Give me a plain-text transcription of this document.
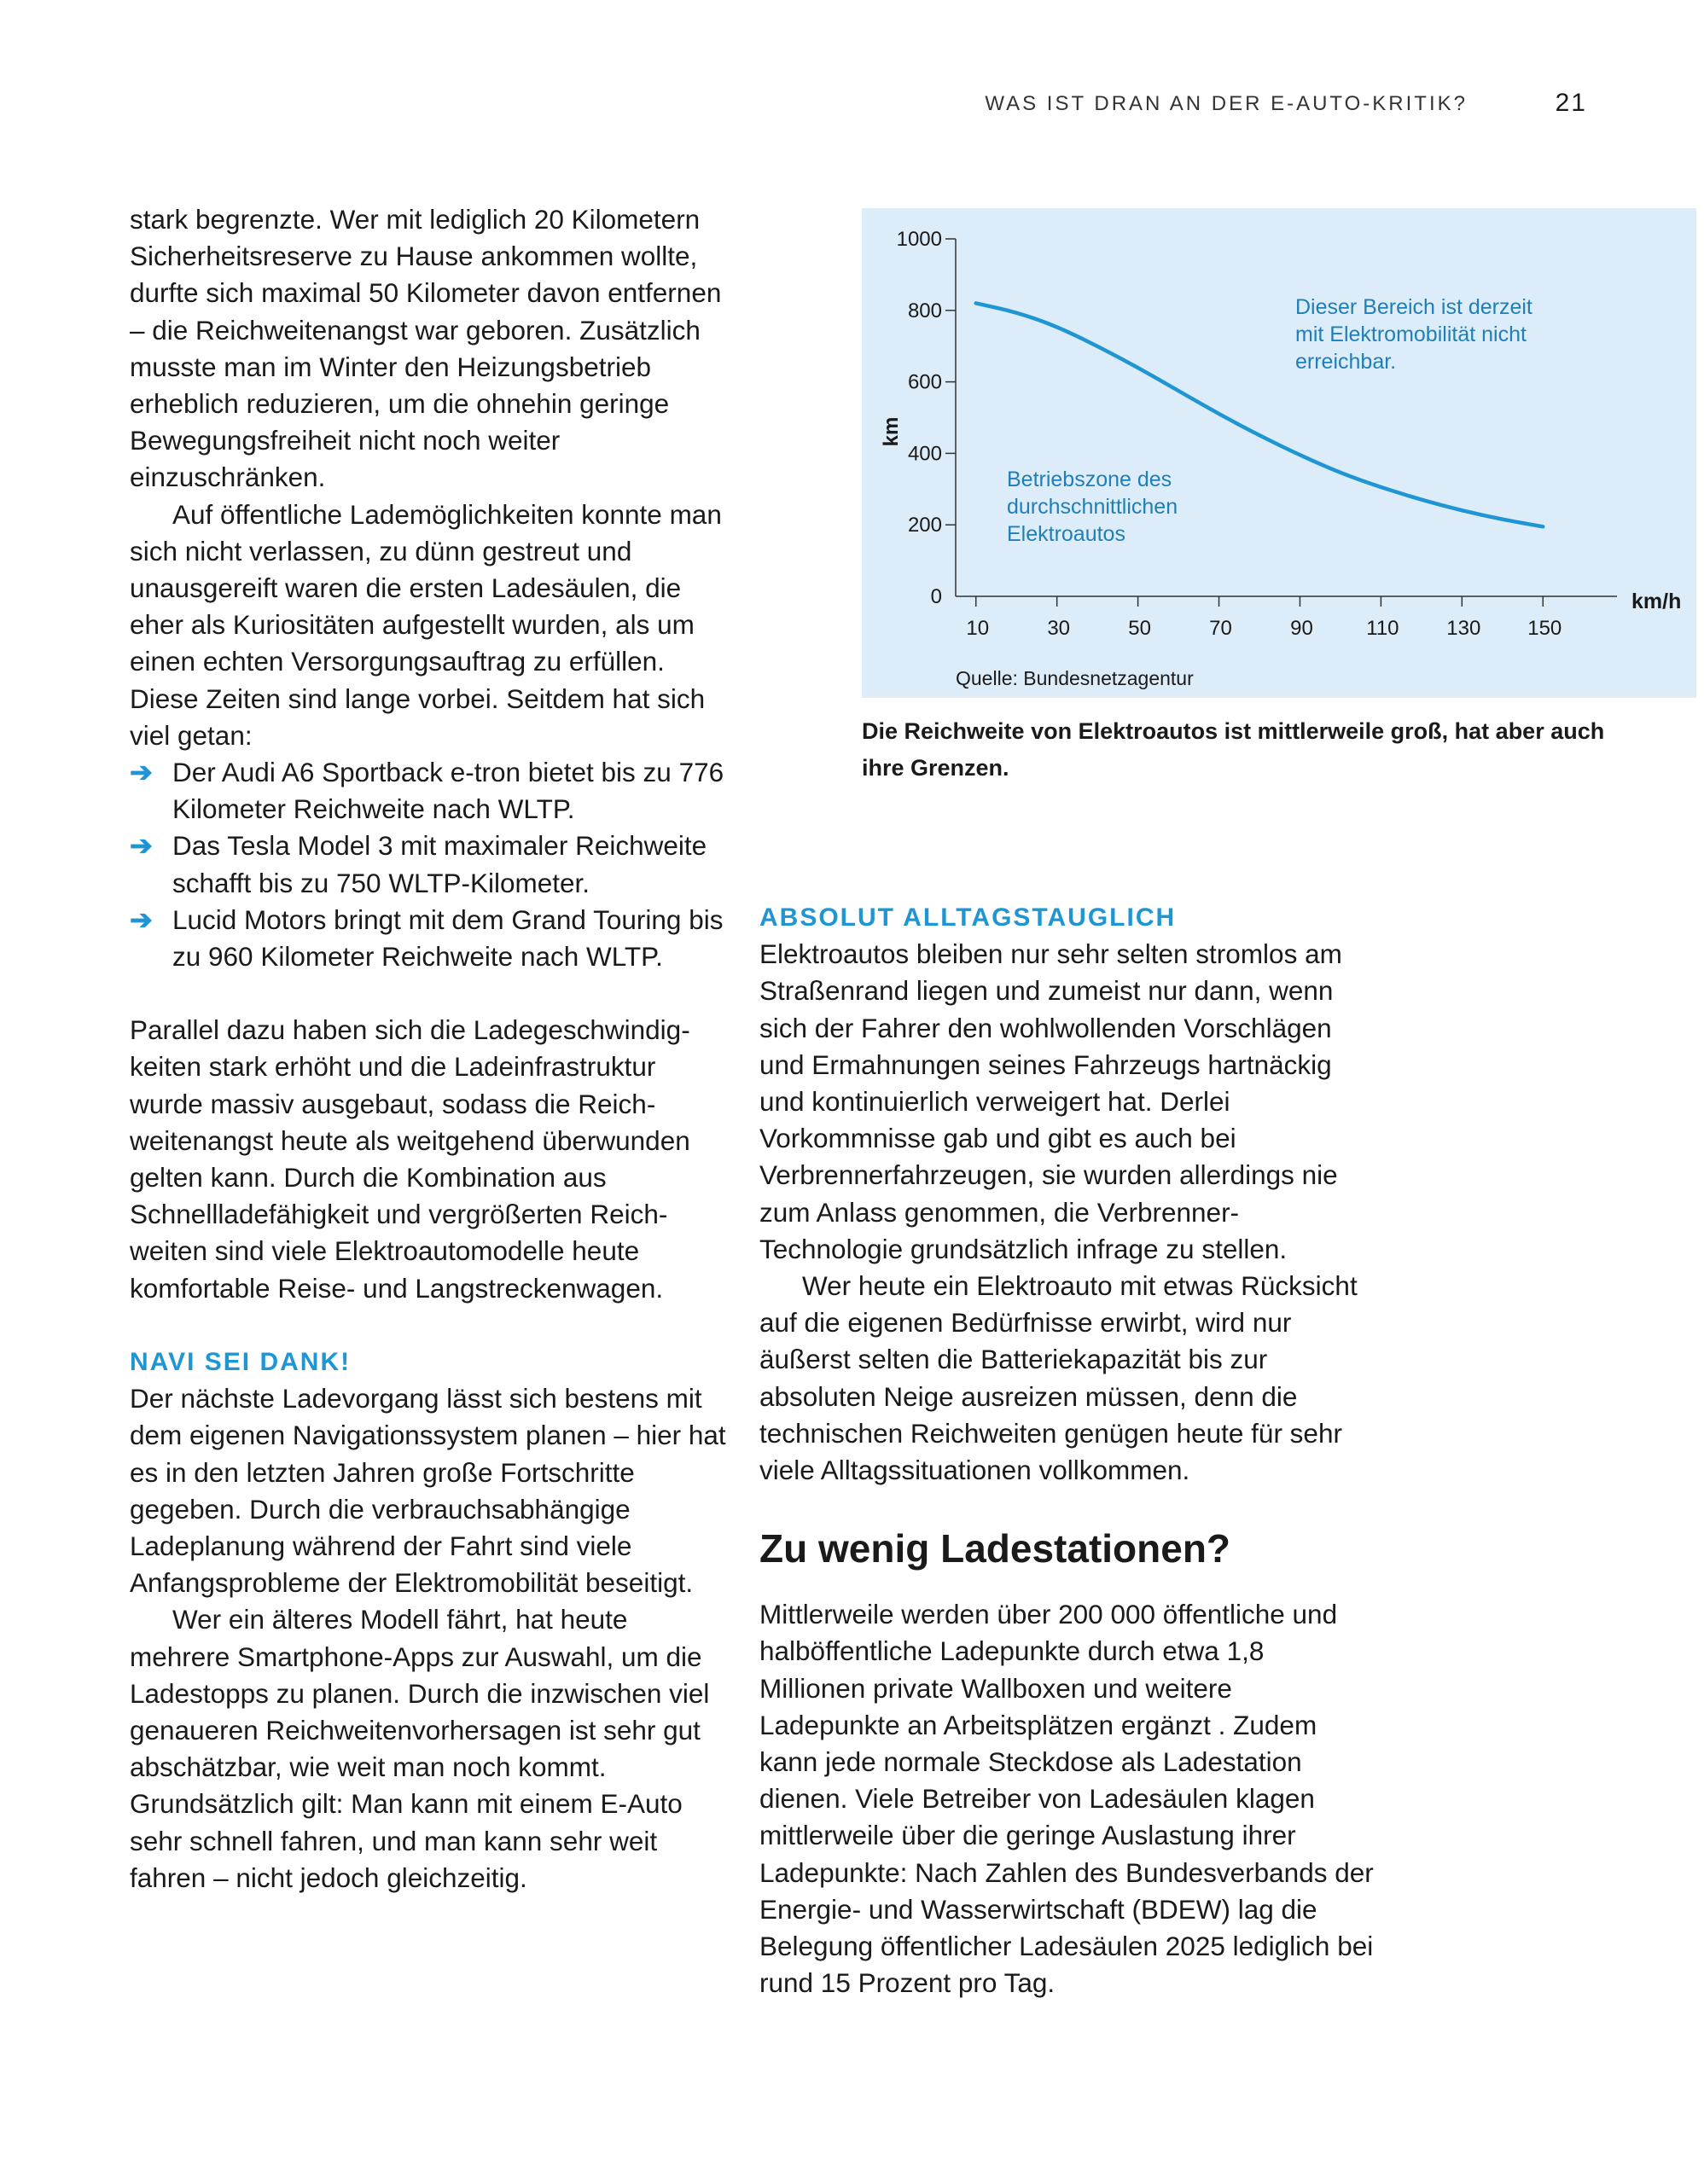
WAS IST DRAN AN DER E-AUTO-KRITIK?	21

stark begrenzte. Wer mit lediglich 20 Kilometern Sicherheitsreserve zu Hause ankommen wollte, durfte sich maximal 50 Kilometer davon entfernen – die Reichweitenangst war geboren. Zusätzlich musste man im Winter den Heizungsbetrieb erheblich reduzieren, um die ohnehin geringe Bewegungsfreiheit nicht noch weiter einzuschränken.

Auf öffentliche Lademöglichkeiten konnte man sich nicht verlassen, zu dünn gestreut und unausgereift waren die ersten Ladesäulen, die eher als Kuriositäten aufgestellt wurden, als um einen echten Versorgungsauftrag zu erfüllen. Diese Zeiten sind lange vorbei. Seitdem hat sich viel getan:

➔ Der Audi A6 Sportback e-tron bietet bis zu 776 Kilometer Reichweite nach WLTP.
➔ Das Tesla Model 3 mit maximaler Reichweite schafft bis zu 750 WLTP-Kilometer.
➔ Lucid Motors bringt mit dem Grand Touring bis zu 960 Kilometer Reichweite nach WLTP.

Parallel dazu haben sich die Ladegeschwindigkeiten stark erhöht und die Ladeinfrastruktur wurde massiv ausgebaut, sodass die Reichweitenangst heute als weitgehend überwunden gelten kann. Durch die Kombination aus Schnellladefähigkeit und vergrößerten Reichweiten sind viele Elektroautomodelle heute komfortable Reise- und Langstreckenwagen.

NAVI SEI DANK!

Der nächste Ladevorgang lässt sich bestens mit dem eigenen Navigationssystem planen – hier hat es in den letzten Jahren große Fortschritte gegeben. Durch die verbrauchsabhängige Ladeplanung während der Fahrt sind viele Anfangsprobleme der Elektromobilität beseitigt.

Wer ein älteres Modell fährt, hat heute mehrere Smartphone-Apps zur Auswahl, um die Ladestopps zu planen. Durch die inzwischen viel genaueren Reichweitenvorhersagen ist sehr gut abschätzbar, wie weit man noch kommt. Grundsätzlich gilt: Man kann mit einem E-Auto sehr schnell fahren, und man kann sehr weit fahren – nicht jedoch gleichzeitig.

0
200
400
600
800
1000
10	30	50	70	90	110 130 150
km
km/h
Quelle: Bundesnetzagentur
Dieser Bereich ist derzeit
mit Elektromobilität nicht
erreichbar.
Betriebszone des
durchschnittlichen
Elektroautos
Die Reichweite von Elektroautos ist mittlerweile groß, hat aber auch ihre Grenzen.

ABSOLUT ALLTAGSTAUGLICH

Elektroautos bleiben nur sehr selten stromlos am Straßenrand liegen und zumeist nur dann, wenn sich der Fahrer den wohlwollenden Vorschlägen und Ermahnungen seines Fahrzeugs hartnäckig und kontinuierlich verweigert hat. Derlei Vorkommnisse gab und gibt es auch bei Verbrennerfahrzeugen, sie wurden allerdings nie zum Anlass genommen, die Verbrenner-Technologie grundsätzlich infrage zu stellen.

Wer heute ein Elektroauto mit etwas Rücksicht auf die eigenen Bedürfnisse erwirbt, wird nur äußerst selten die Batteriekapazität bis zur absoluten Neige ausreizen müssen, denn die technischen Reichweiten genügen heute für sehr viele Alltagssituationen vollkommen.

Zu wenig Ladestationen?

Mittlerweile werden über 200 000 öffentliche und halböffentliche Ladepunkte durch etwa 1,8 Millionen private Wallboxen und weitere Ladepunkte an Arbeitsplätzen ergänzt . Zudem kann jede normale Steckdose als Ladestation dienen. Viele Betreiber von Ladesäulen klagen mittlerweile über die geringe Auslastung ihrer Ladepunkte: Nach Zahlen des Bundesverbands der Energie- und Wasserwirtschaft (BDEW) lag die Belegung öffentlicher Ladesäulen 2025 lediglich bei rund 15 Prozent pro Tag.
